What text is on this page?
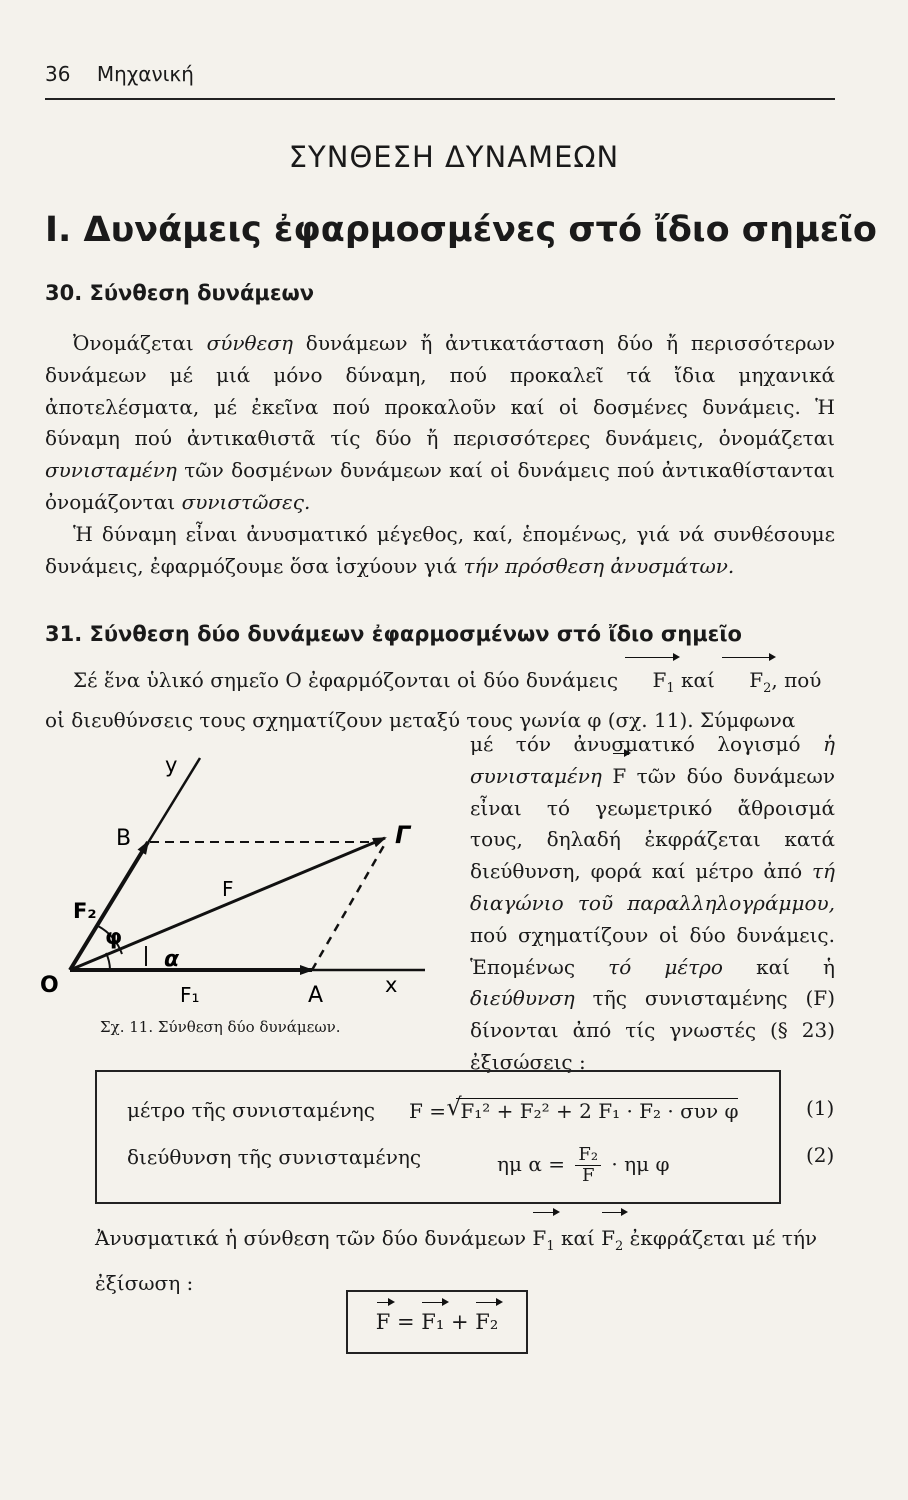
36 Μηχανική
ΣΥΝΘΕΣΗ ΔΥΝΑΜΕΩΝ
Ι. Δυνάμεις ἐφαρμοσμένες στό ἴδιο σημεῖο
30. Σύνθεση δυνάμεων

Ὀνομάζεται σύνθεση δυνάμεων ἤ ἀντικατάσταση δύο ἤ περισσότερων δυνάμεων μέ μιά μόνο δύναμη, πού προκαλεῖ τά ἴδια μηχανικά ἀποτελέσματα, μέ ἐκεῖνα πού προκαλοῦν καί οἱ δοσμένες δυνάμεις. Ἡ δύναμη πού ἀντικαθιστᾶ τίς δύο ἤ περισσότερες δυνάμεις, ὀνομάζεται συνισταμένη τῶν δοσμένων δυνάμεων καί οἱ δυνάμεις πού ἀντικαθίστανται ὀνομάζονται συνιστῶσες.

Ἡ δύναμη εἶναι ἀνυσματικό μέγεθος, καί, ἑπομένως, γιά νά συνθέσουμε δυνάμεις, ἐφαρμόζουμε ὅσα ἰσχύουν γιά τήν πρόσθεση ἀνυσμάτων.

31. Σύνθεση δύο δυνάμεων ἐφαρμοσμένων στό ἴδιο σημεῖο
Σέ ἕνα ὑλικό σημεῖο Ο ἐφαρμόζονται οἱ δύο δυνάμεις $F_1$ καί $F_2$, πού
οἱ διευθύνσεις τους σχηματίζουν μεταξύ τους γωνία φ (σχ. 11). Σύμφωνα
μέ τόν ἀνυσματικό λογισμό ἡ συνισταμένη F τῶν δύο δυνάμεων εἶναι τό γεωμετρικό ἄθροισμά τους, δηλαδή ἐκφράζεται κατά διεύθυνση, φορά καί μέτρο ἀπό τή διαγώνιο τοῦ παραλληλογράμμου, πού σχηματίζουν οἱ δύο δυνάμεις. Ἑπομένως τό μέτρο καί ἡ διεύθυνση τῆς συνισταμένης (F) δίνονται ἀπό τίς γνωστές (§ 23) ἐξισώσεις :
O	A
B	Γ
x
y
F
F₁
F₂
φ
α
Σχ. 11. Σύνθεση δύο δυνάμεων.
μέτρο τῆς συνισταμένης F = √
F₁² + F₂² + 2 F₁ · F₂ · συν φ
διεύθυνση τῆς συνισταμένης	ημ $\alpha = \frac{\text{F₂}}{F} \cdot \eta\mu$ φ
(1)
(2)
Ἀνυσματικά ἡ σύνθεση τῶν δύο δυνάμεων $F_1$ καί $F_2$ ἐκφράζεται μέ τήν ἐξίσωση :
F = F₁ + F₂
